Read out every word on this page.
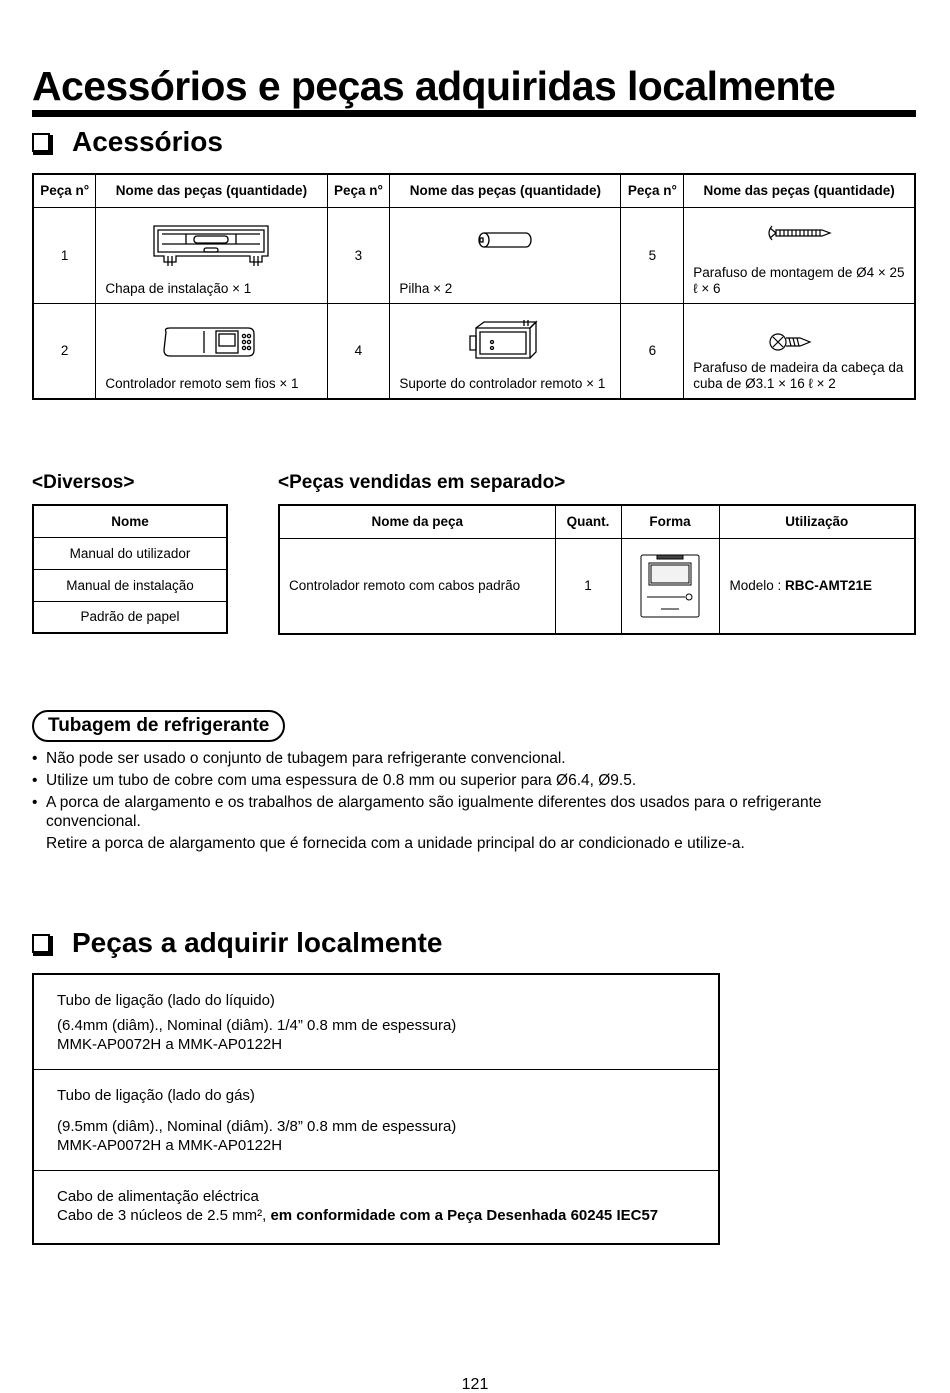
Acessórios e peças adquiridas localmente
Acessórios
Peça n°	Nome das peças (quantidade)	Peça n°	Nome das peças (quantidade)	Peça n°	Nome das peças (quantidade)
1	Chapa de instalação × 1	3	Pilha × 2	5	Parafuso de montagem de Ø4 × 25 ℓ × 6
2	Controlador remoto sem fios × 1	4	Suporte do controlador remoto × 1	6	Parafuso de madeira da cabeça da cuba de Ø3.1 × 16 ℓ × 2
<Diversos>	<Peças vendidas em separado>
Nome
Manual do utilizador
Manual de instalação
Padrão de papel
Nome da peça	Quant.	Forma	Utilização
Controlador remoto com cabos padrão	1		Modelo : RBC-AMT21E
Tubagem de refrigerante
• Não pode ser usado o conjunto de tubagem para refrigerante convencional.
• Utilize um tubo de cobre com uma espessura de 0.8 mm ou superior para Ø6.4, Ø9.5.
• A porca de alargamento e os trabalhos de alargamento são igualmente diferentes dos usados para o refrigerante convencional.
Retire a porca de alargamento que é fornecida com a unidade principal do ar condicionado e utilize-a.
Peças a adquirir localmente

Tubo de ligação (lado do líquido)

(6.4mm (diâm)., Nominal (diâm). 1/4” 0.8 mm de espessura)

MMK-AP0072H a MMK-AP0122H

Tubo de ligação (lado do gás)

(9.5mm (diâm)., Nominal (diâm). 3/8” 0.8 mm de espessura)

MMK-AP0072H a MMK-AP0122H

Cabo de alimentação eléctrica

Cabo de 3 núcleos de 2.5 mm², em conformidade com a Peça Desenhada 60245 IEC57

121
